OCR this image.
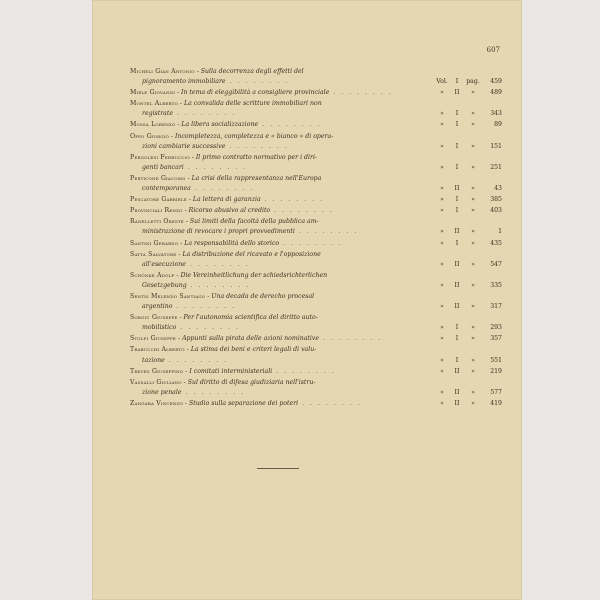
607
Micheli Gian Antonio - Sulla decorrenza degli effetti del
pignoramento immobiliare . . . . . . . .	Vol.	I	pag.	459
Miele Giovanni - In tema di eleggibilità a consigliere provinciale . . . . . . . .	»	II	»	489
Montel Alberto - La convalida delle scritture immobiliari non
registrate . . . . . . . .	»	I	»	343
Mossa Lorenzo - La libera socializzazione . . . . . . . .	»	I	»	89
Oppo Giorgio - Incompletezza, completezza e « bianco » di opera-
zioni cambiarie successive . . . . . . . .	»	I	»	151
Pergolesi Ferruccio - Il primo contratto normativo per i diri-
genti bancari . . . . . . . .	»	I	»	251
Perticone Giacomo - La crisi della rappresentanza nell'Europa
contemporanea . . . . . . . .	»	II	»	43
Pescatore Gabriele - La lettera di garanzia . . . . . . . .	»	I	»	385
Provinciali Renzo - Ricorso abusivo al credito . . . . . . . .	»	I	»	403
Ranelletti Oreste - Sui limiti della facoltà della pubblica am-
ministrazione di revocare i propri provvedimenti . . . . . . . .	»	II	»	1
Santini Gerardo - La responsabilità dello storico . . . . . . . .	»	I	»	435
Satta Salvatore - La distribuzione del ricavato e l'opposizione
all'esecuzione . . . . . . . .	»	II	»	547
Schönke Adolf - Die Vereinheitlichung der schiedsrichterlichen
Gesetzgebung . . . . . . . .	»	II	»	335
Sentis Melendo Santiago - Una decada de derecho procesal
argentino . . . . . . . .	»	II	»	317
Sorgiu Giuseppe - Per l'autonomia scientifica del diritto auto-
mobilistico . . . . . . . .	»	I	»	293
Stolfi Giuseppe - Appunti sulla pirata delle azioni nominative . . . . . . . .	»	I	»	357
Trabucchi Alberto - La stima dei beni e criteri legali di valu-
tazione . . . . . . . .	»	I	»	551
Treves Giuseppino - I comitati interministeriali . . . . . . . .	»	II	»	219
Vassalli Giuliano - Sul diritto di difesa giudiziaria nell'istru-
zione penale . . . . . . . .	»	II	»	577
Zangara Vincenzo - Studio sulla separazione dei poteri . . . . . . . .	»	II	»	419
